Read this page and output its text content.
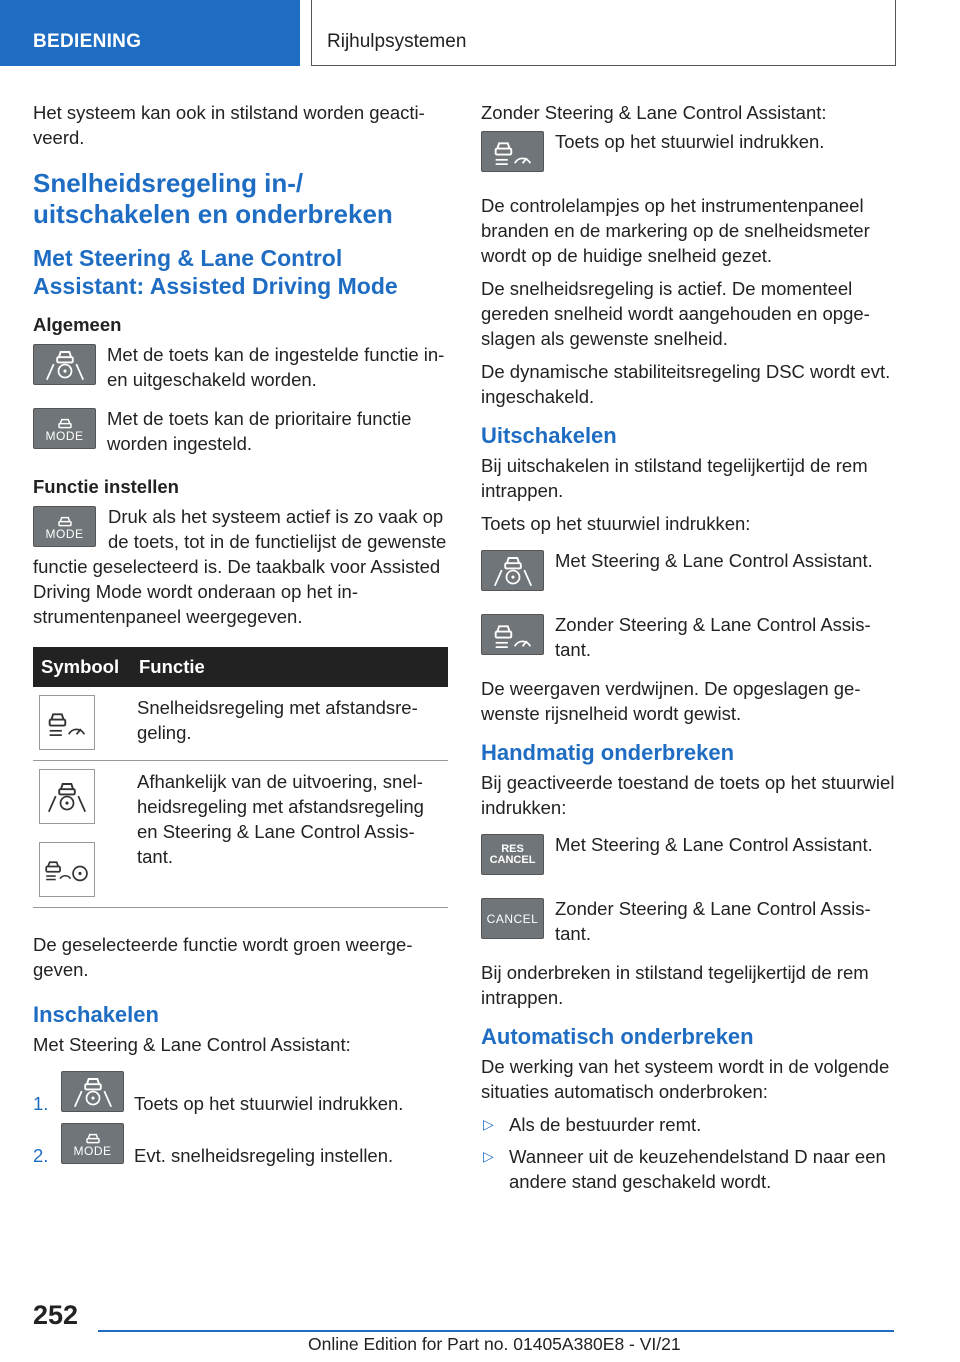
BEDIENING	Rijhulpsystemen

Het systeem kan ook in stilstand worden geactiveerd.

Snelheidsregeling in-/ uitschakelen en onderbreken
Met Steering & Lane Control Assistant: Assisted Driving Mode
Algemeen
Met de toets kan de ingestelde functie in- en uitgeschakeld worden.
MODE
Met de toets kan de prioritaire functie worden ingesteld.
Functie instellen
MODE
Druk als het systeem actief is zo vaak op de toets, tot in de functielijst de gewenste functie geselecteerd is. De taakbalk voor Assisted Driving Mode wordt onderaan op het instrumentenpaneel weergegeven.
Symbool	Functie

	Snelheidsregeling met afstandsregeling.

	Afhankelijk van de uitvoering, snelheidsregeling met afstandsregeling en Steering & Lane Control Assistant.

De geselecteerde functie wordt groen weergegeven.

Inschakelen

Met Steering & Lane Control Assistant:

1.	Toets op het stuurwiel indrukken.
2. MODE Evt. snelheidsregeling instellen.

Zonder Steering & Lane Control Assistant:

Toets op het stuurwiel indrukken.

De controlelampjes op het instrumentenpaneel branden en de markering op de snelheidsmeter wordt op de huidige snelheid gezet.

De snelheidsregeling is actief. De momenteel gereden snelheid wordt aangehouden en opgeslagen als gewenste snelheid.

De dynamische stabiliteitsregeling DSC wordt evt. ingeschakeld.

Uitschakelen

Bij uitschakelen in stilstand tegelijkertijd de rem intrappen.

Toets op het stuurwiel indrukken:

Met Steering & Lane Control Assistant.
Zonder Steering & Lane Control Assistant.

De weergaven verdwijnen. De opgeslagen gewenste rijsnelheid wordt gewist.

Handmatig onderbreken

Bij geactiveerde toestand de toets op het stuurwiel indrukken:

RES
CANCEL
Met Steering & Lane Control Assistant.
CANCEL Zonder Steering & Lane Control Assistant.

Bij onderbreken in stilstand tegelijkertijd de rem intrappen.

Automatisch onderbreken

De werking van het systeem wordt in de volgende situaties automatisch onderbroken:

▷ Als de bestuurder remt.
▷ Wanneer uit de keuzehendelstand D naar een andere stand geschakeld wordt.
252
Online Edition for Part no. 01405A380E8 - VI/21
